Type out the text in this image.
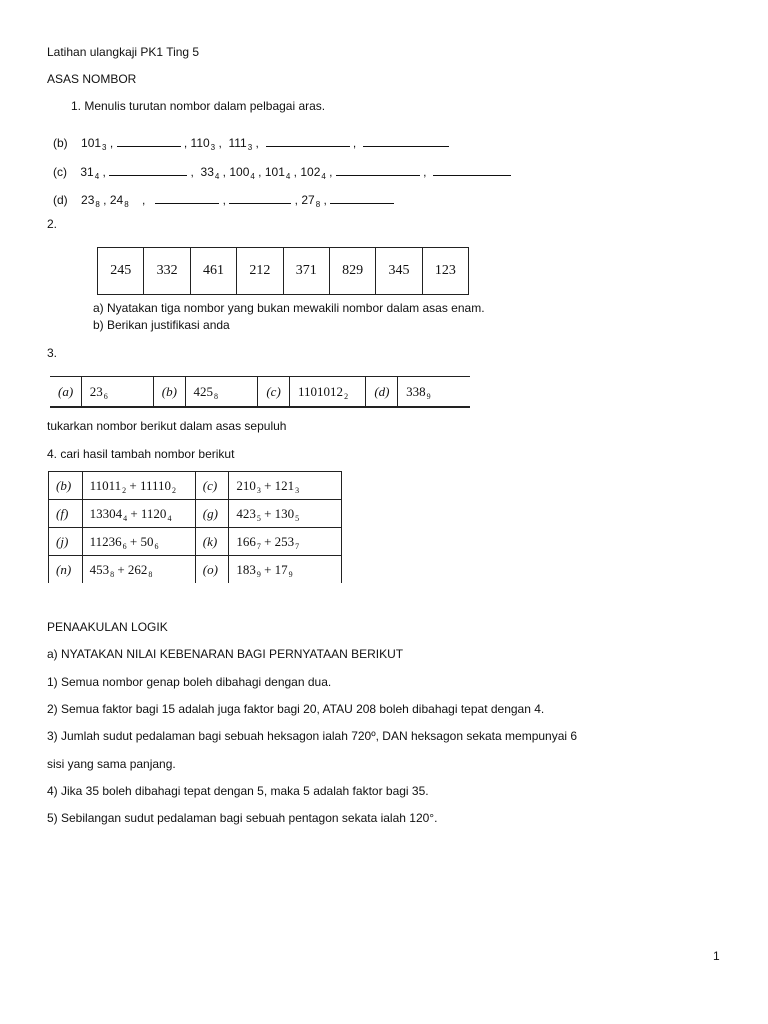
Latihan ulangkaji PK1 Ting 5
ASAS NOMBOR
1. Menulis turutan nombor dalam pelbagai aras.
(b) $101_3$ ,	, $110_3$ ,  $111_3$ ,	,
(c) $31_4$ ,	,  $33_4$ , $100_4$ , $101_4$ , $102_4$ ,	,
(d) $23_8$ , $24_8$    ,	,	, $27_8$ ,
2.
245	332	461	212	371	829	345	123
a) Nyatakan tiga nombor yang bukan mewakili nombor dalam asas enam.
b) Berikan justifikasi anda
3.
(a)	$23_6$	(b)	$425_8$	(c)	$1101012_2$	(d)	$338_9$
tukarkan nombor berikut dalam asas sepuluh
4. cari hasil tambah nombor berikut
(b)	$11011_2 + 11110_2$	(c)	$210_3 + 121_3$
(f)	$13304_4 + 1120_4$	(g)	$423_5 + 130_5$
(j)	$11236_6 + 50_6$	(k)	$166_7 + 253_7$
(n)	$453_8 + 262_8$	(o)	$183_9 + 17_9$
PENAAKULAN LOGIK
a) NYATAKAN NILAI KEBENARAN BAGI PERNYATAAN BERIKUT
1) Semua nombor genap boleh dibahagi dengan dua.
2) Semua faktor bagi 15 adalah juga faktor bagi 20, ATAU 208 boleh dibahagi tepat dengan 4.
3) Jumlah sudut pedalaman bagi sebuah heksagon ialah 720º, DAN heksagon sekata mempunyai 6
sisi yang sama panjang.
4) Jika 35 boleh dibahagi tepat dengan 5, maka 5 adalah faktor bagi 35.
5) Sebilangan sudut pedalaman bagi sebuah pentagon sekata ialah 120°.
1
